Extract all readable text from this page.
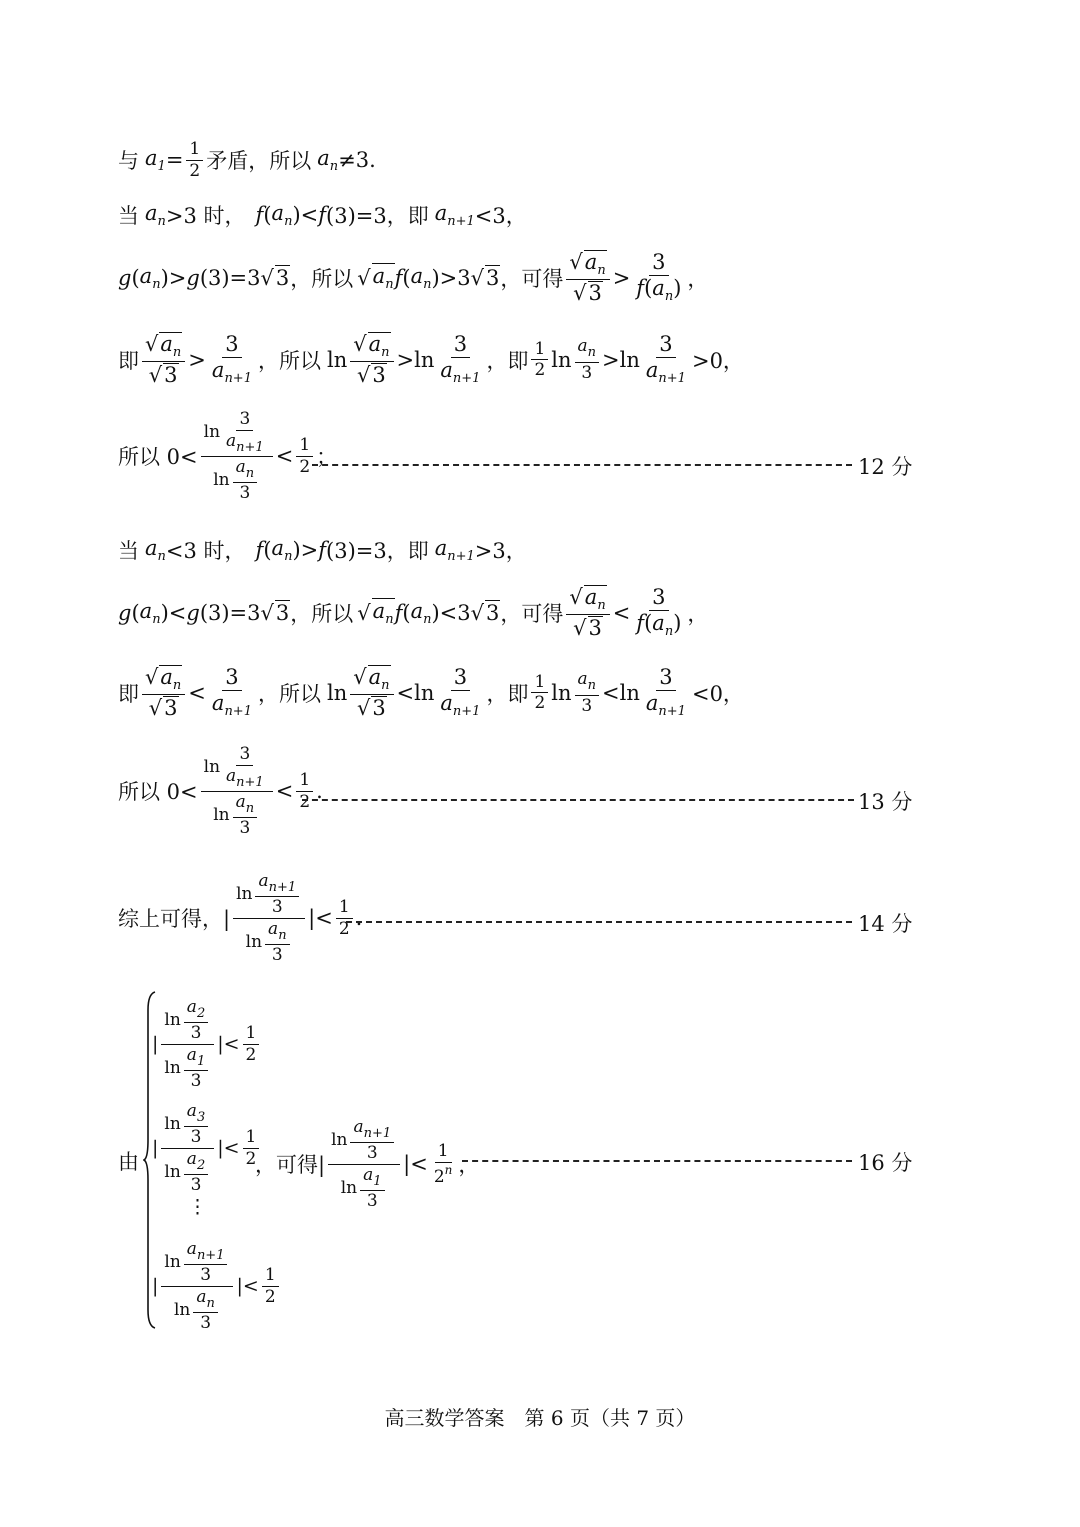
与 $a_1 = \frac{1}{2}$ 矛盾，所以 $a_n \ne 3$.
当 $a_n >3$ 时， f ( $a_n$ )< f (3)=3，即 $a_{n+1} <3$，
g ( $a_n$ )> g (3)=3 √ 3 ，所以 √ $a_n$ f ( $a_n$ )>3 √ 3 ，可得 $\frac{√a_n}{√3} > \frac{3}{f(a_n)}$ ，
即 $\frac{√a_n}{√3} > \frac{3}{a_{n+1}}$ ，所以 $\ln \frac{√a_n}{√3} >\ln \frac{3}{a_{n+1}}$ ，即 $\frac{1}{2}$ $\ln \frac{a_n}{3} >\ln \frac{3}{a_{n+1}} >0$，
所以 $0< \frac{\ln \frac{3}{a_{n+1}}}{\ln \frac{a_n}{3}} < \frac{1}{2}$ ；	12 分
当 $a_n <3$ 时， f ( $a_n$ )> f (3)=3，即 $a_{n+1} >3$，
g ( $a_n$ )< g (3)=3 √ 3 ，所以 √ $a_n$ f ( $a_n$ )<3 √ 3 ，可得 $\frac{√a_n}{√3} < \frac{3}{f(a_n)}$ ，
即 $\frac{√a_n}{√3} < \frac{3}{a_{n+1}}$ ，所以 $\ln \frac{√a_n}{√3} <\ln \frac{3}{a_{n+1}}$ ，即 $\frac{1}{2}$ $\ln \frac{a_n}{3} <\ln \frac{3}{a_{n+1}} <0$，
所以 $0< \frac{\ln \frac{3}{a_{n+1}}}{\ln \frac{a_n}{3}} < \frac{1}{2}$ .	13 分
综上可得，| $\frac{\ln \frac{a_{n+1}}{3}}{\ln \frac{a_n}{3}}$ |< $\frac{1}{2}$ .	14 分
由
| $\frac{\ln \frac{a_2}{3}}{\ln \frac{a_1}{3}}$ |< $\frac{1}{2}$
| $\frac{\ln \frac{a_3}{3}}{\ln \frac{a_2}{3}}$ |< $\frac{1}{2}$
⋮
| $\frac{\ln \frac{a_{n+1}}{3}}{\ln \frac{a_n}{3}}$ |< $\frac{1}{2}$
，可得| $\frac{\ln \frac{a_{n+1}}{3}}{\ln \frac{a_1}{3}}$ |< $\frac{1}{2^n}$ ，	16 分
高三数学答案　第 6 页（共 7 页）
